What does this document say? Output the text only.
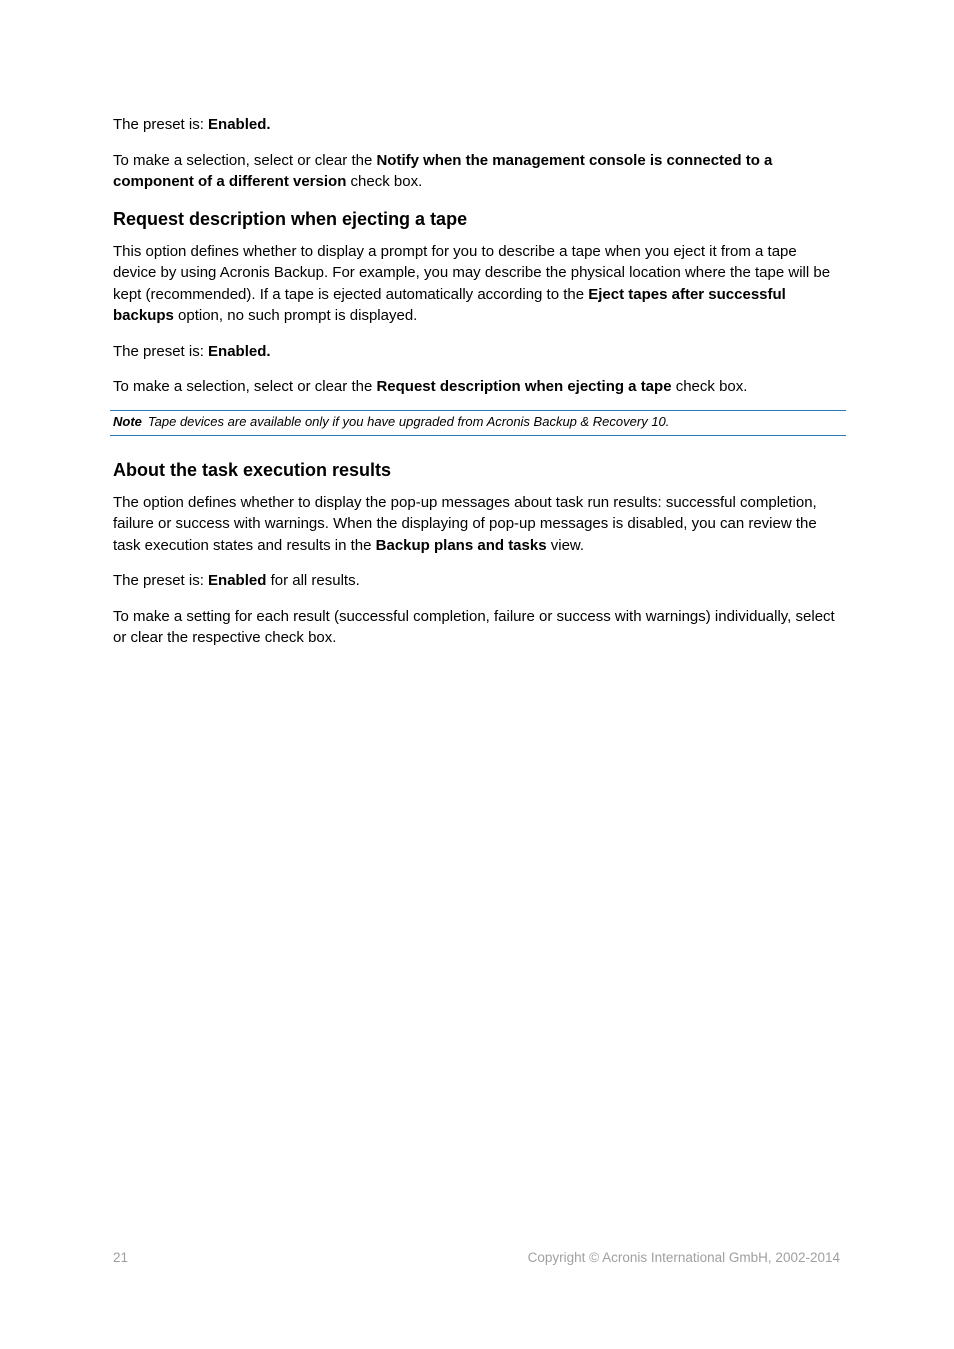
The preset is: Enabled.

To make a selection, select or clear the Notify when the management console is connected to a component of a different version check box.

Request description when ejecting a tape

This option defines whether to display a prompt for you to describe a tape when you eject it from a tape device by using Acronis Backup. For example, you may describe the physical location where the tape will be kept (recommended). If a tape is ejected automatically according to the Eject tapes after successful backups option, no such prompt is displayed.

The preset is: Enabled.

To make a selection, select or clear the Request description when ejecting a tape check box.

Note Tape devices are available only if you have upgraded from Acronis Backup & Recovery 10.
About the task execution results

The option defines whether to display the pop-up messages about task run results: successful completion, failure or success with warnings. When the displaying of pop-up messages is disabled, you can review the task execution states and results in the Backup plans and tasks view.

The preset is: Enabled for all results.

To make a setting for each result (successful completion, failure or success with warnings) individually, select or clear the respective check box.

21	Copyright © Acronis International GmbH, 2002-2014
